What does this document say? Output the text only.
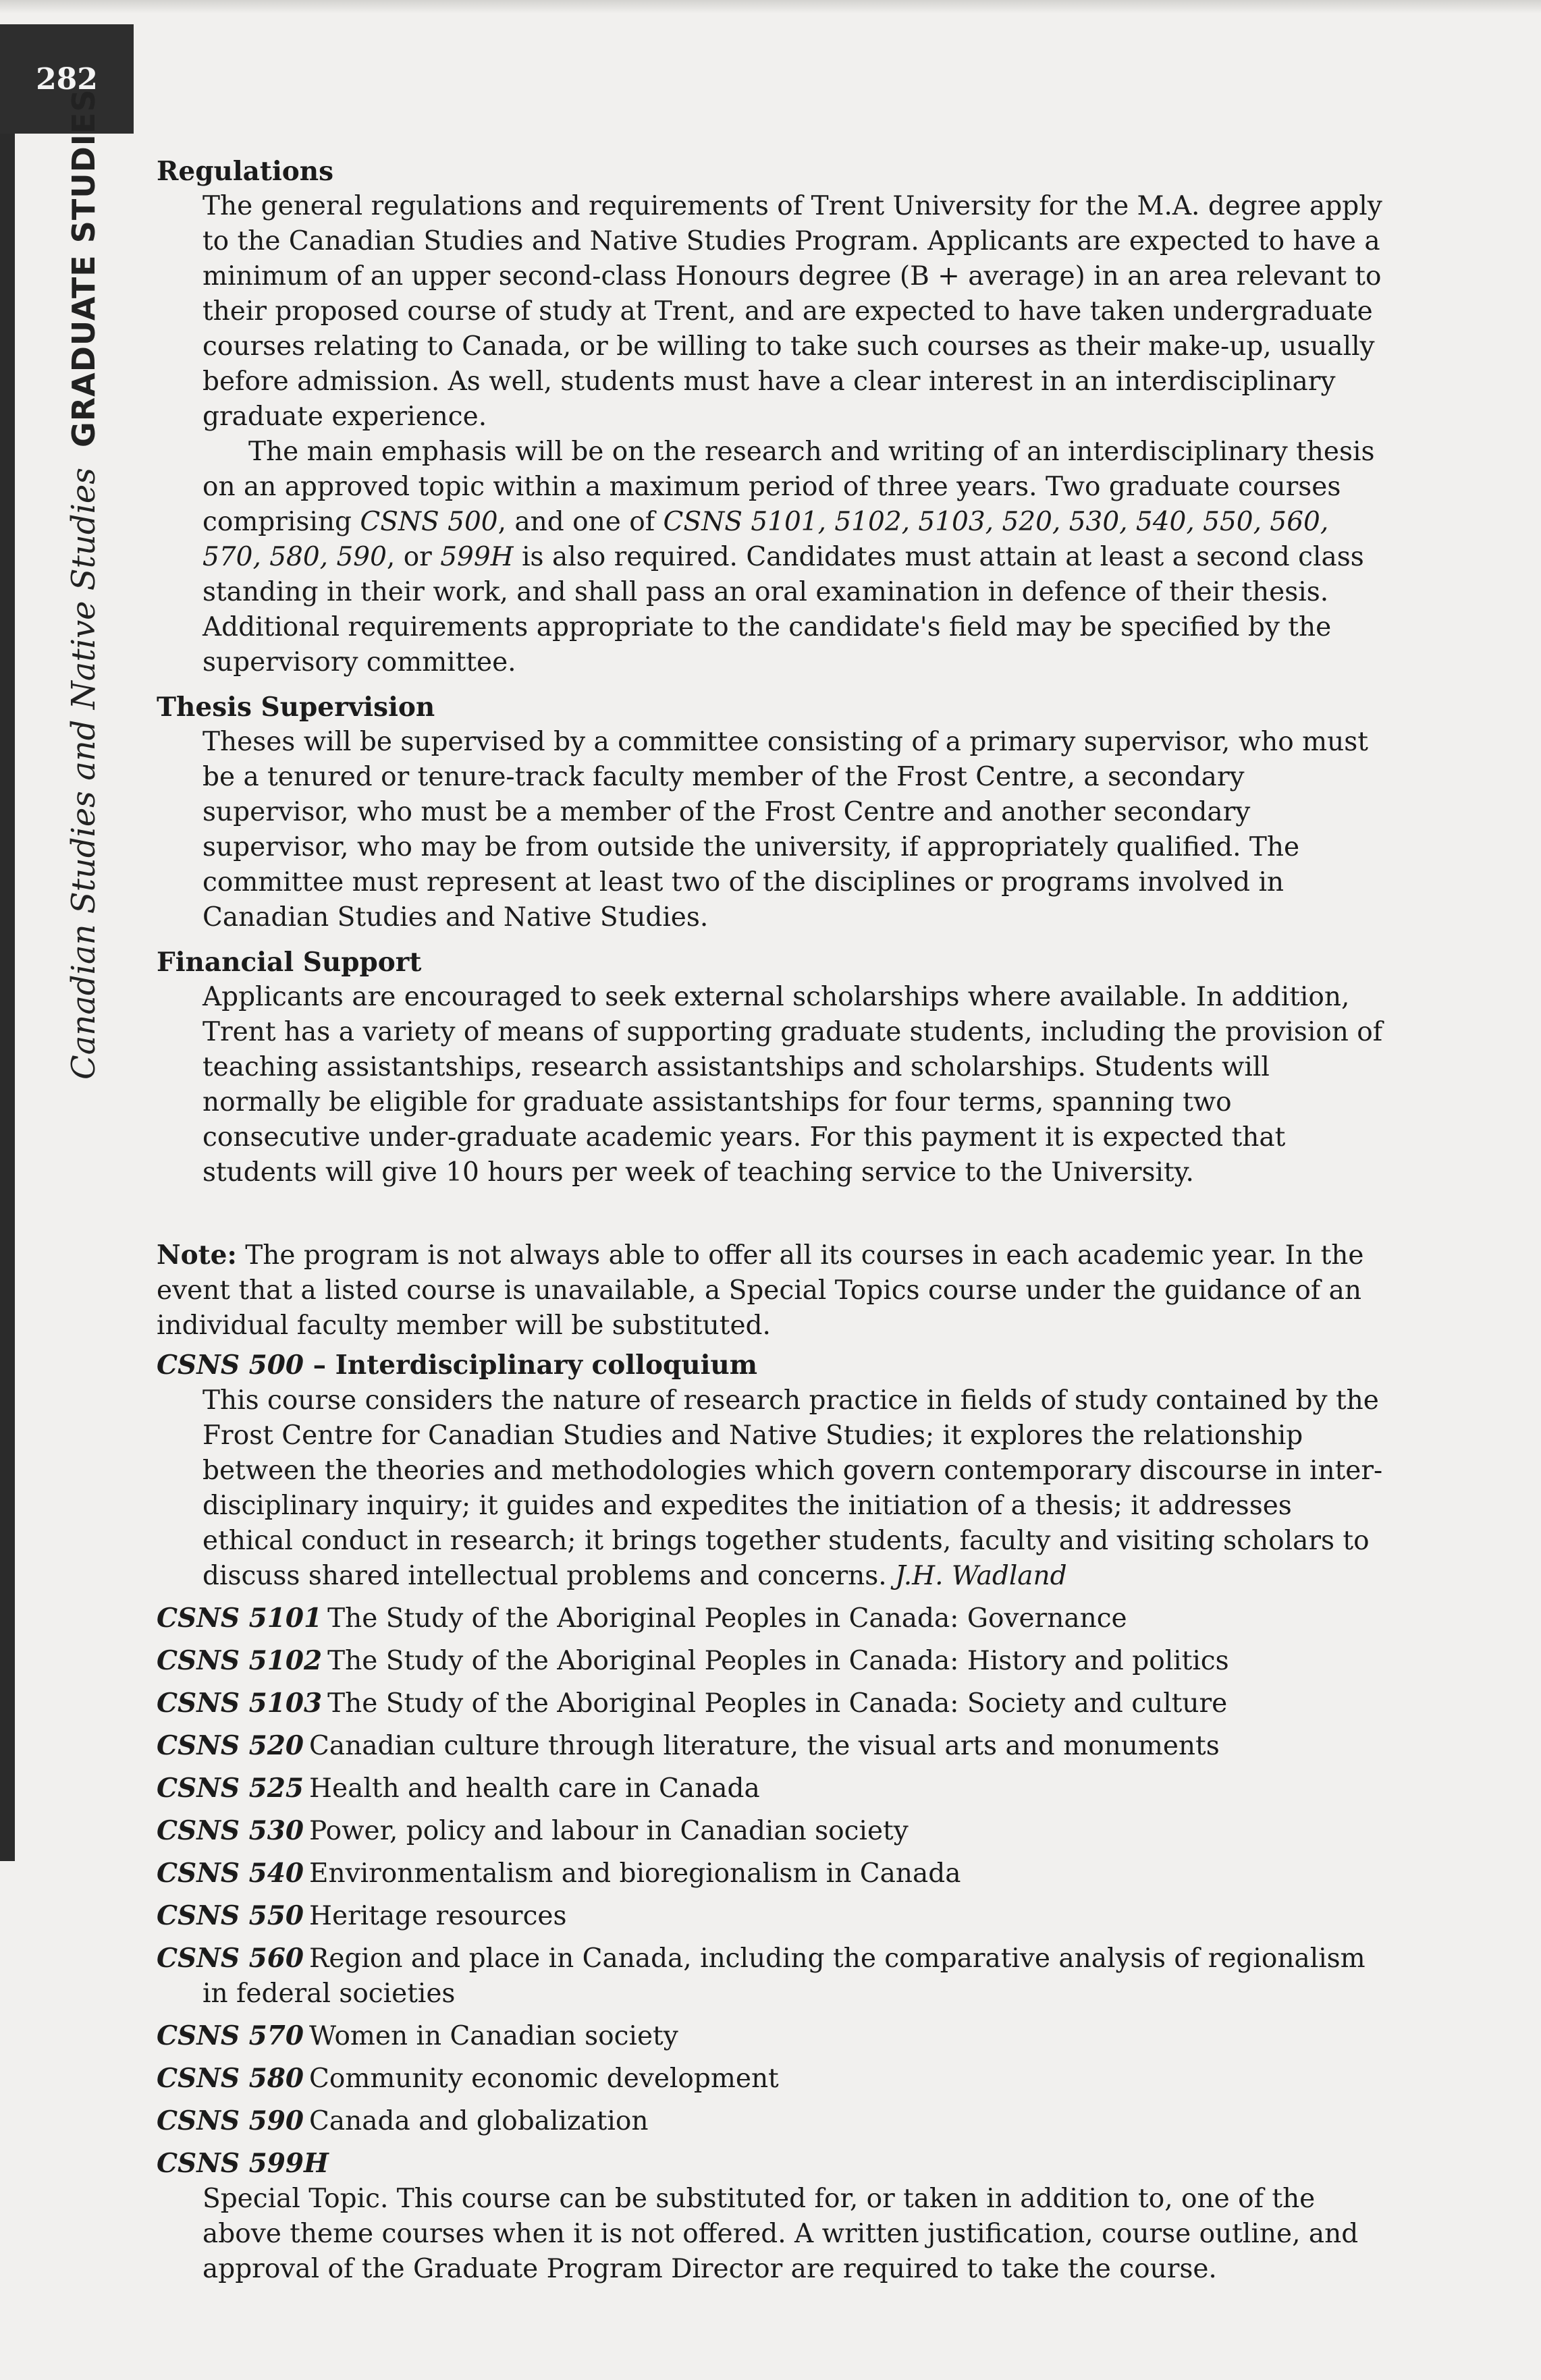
282
Canadian Studies and Native StudiesGRADUATE STUDIES Regulations

The general regulations and requirements of Trent University for the M.A. degree apply to the Canadian Studies and Native Studies Program. Applicants are expected to have a minimum of an upper second-class Honours degree (B + average) in an area relevant to their proposed course of study at Trent, and are expected to have taken undergraduate courses relating to Canada, or be willing to take such courses as their make-up, usually before admission. As well, students must have a clear interest in an interdisciplinary graduate experience.

The main emphasis will be on the research and writing of an interdisciplinary thesis on an approved topic within a maximum period of three years. Two graduate courses comprising CSNS 500, and one of CSNS 5101, 5102, 5103, 520, 530, 540, 550, 560, 570, 580, 590, or 599H is also required. Candidates must attain at least a second class standing in their work, and shall pass an oral examination in defence of their thesis. Additional requirements appropriate to the candidate's field may be specified by the supervisory committee.

Thesis Supervision

Theses will be supervised by a committee consisting of a primary supervisor, who must be a tenured or tenure-track faculty member of the Frost Centre, a secondary supervisor, who must be a member of the Frost Centre and another secondary supervisor, who may be from outside the university, if appropriately qualified. The committee must represent at least two of the disciplines or programs involved in Canadian Studies and Native Studies.

Financial Support

Applicants are encouraged to seek external scholarships where available. In addition, Trent has a variety of means of supporting graduate students, including the provision of teaching assistantships, research assistantships and scholarships. Students will normally be eligible for graduate assistantships for four terms, spanning two consecutive under-graduate academic years. For this payment it is expected that students will give 10 hours per week of teaching service to the University.

Note: The program is not always able to offer all its courses in each academic year. In the event that a listed course is unavailable, a Special Topics course under the guidance of an individual faculty member will be substituted.

CSNS 500 – Interdisciplinary colloquium

This course considers the nature of research practice in fields of study contained by the Frost Centre for Canadian Studies and Native Studies; it explores the relationship between the theories and methodologies which govern contemporary discourse in inter-disciplinary inquiry; it guides and expedites the initiation of a thesis; it addresses ethical conduct in research; it brings together students, faculty and visiting scholars to discuss shared intellectual problems and concerns. J.H. Wadland

CSNS 5101 The Study of the Aboriginal Peoples in Canada: Governance

CSNS 5102 The Study of the Aboriginal Peoples in Canada: History and politics

CSNS 5103 The Study of the Aboriginal Peoples in Canada: Society and culture

CSNS 520 Canadian culture through literature, the visual arts and monuments

CSNS 525 Health and health care in Canada

CSNS 530 Power, policy and labour in Canadian society

CSNS 540 Environmentalism and bioregionalism in Canada

CSNS 550 Heritage resources

CSNS 560 Region and place in Canada, including the comparative analysis of regionalism in federal societies

CSNS 570 Women in Canadian society

CSNS 580 Community economic development

CSNS 590 Canada and globalization

CSNS 599H

Special Topic. This course can be substituted for, or taken in addition to, one of the above theme courses when it is not offered. A written justification, course outline, and approval of the Graduate Program Director are required to take the course.
